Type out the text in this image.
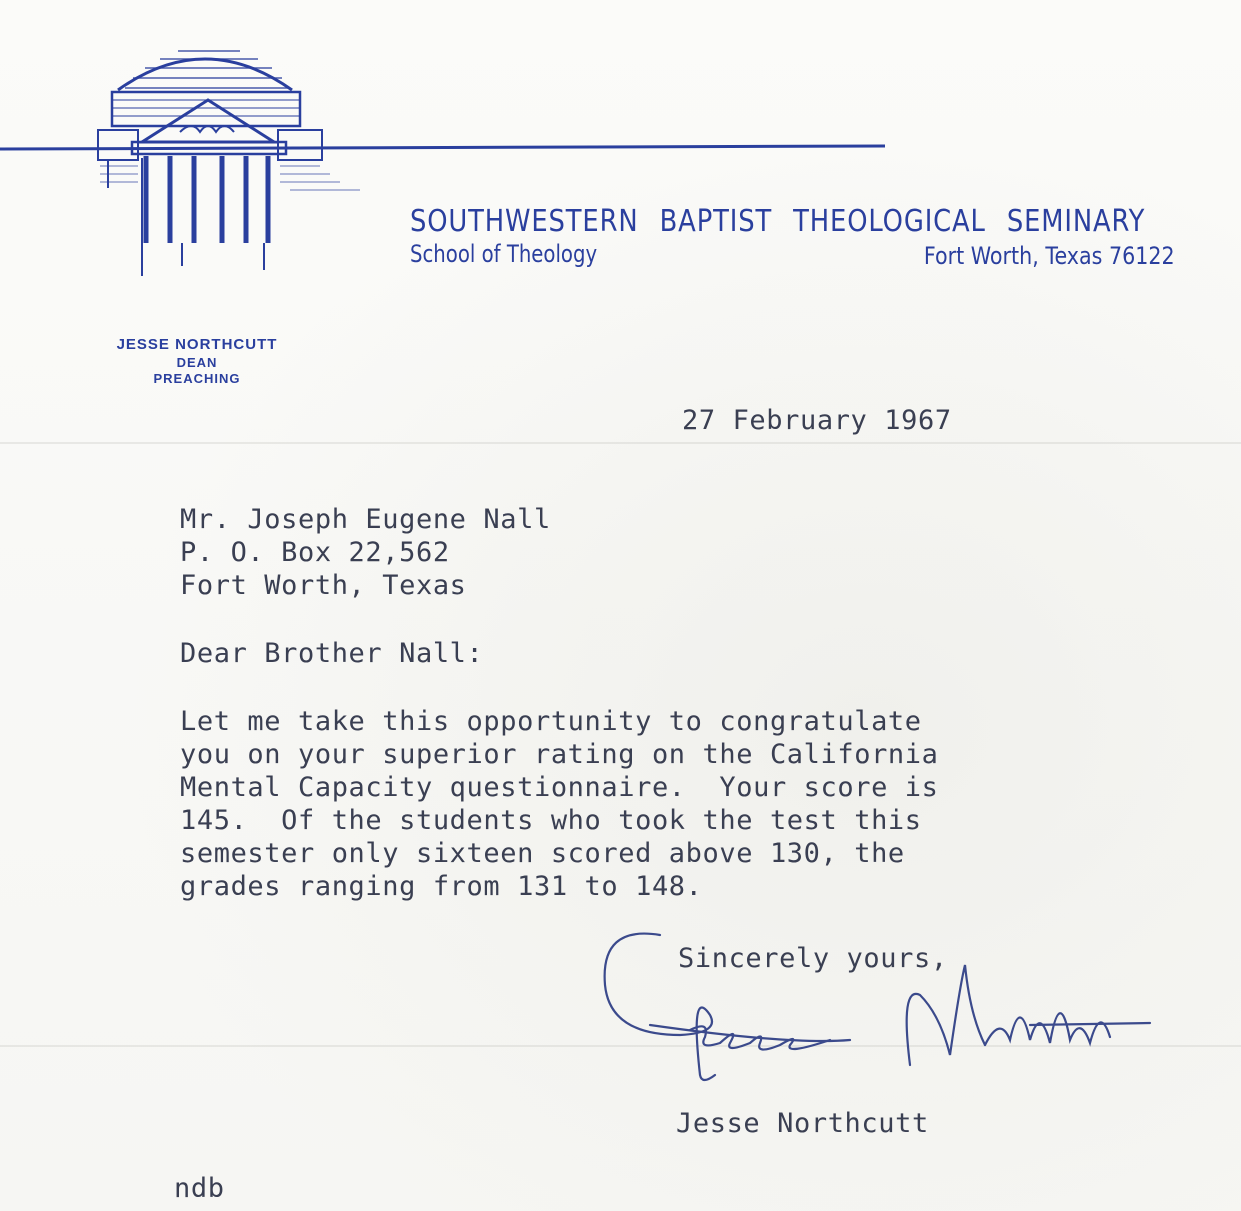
SOUTHWESTERN BAPTIST THEOLOGICAL SEMINARY
School of Theology	Fort Worth, Texas 76122
JESSE NORTHCUTT
DEAN
PREACHING
27 February 1967
Mr. Joseph Eugene Nall
P. O. Box 22,562
Fort Worth, Texas
Dear Brother Nall:
Let me take this opportunity to congratulate
you on your superior rating on the California
Mental Capacity questionnaire.  Your score is
145.  Of the students who took the test this
semester only sixteen scored above 130, the
grades ranging from 131 to 148.
Sincerely yours,
Jesse Northcutt
ndb
